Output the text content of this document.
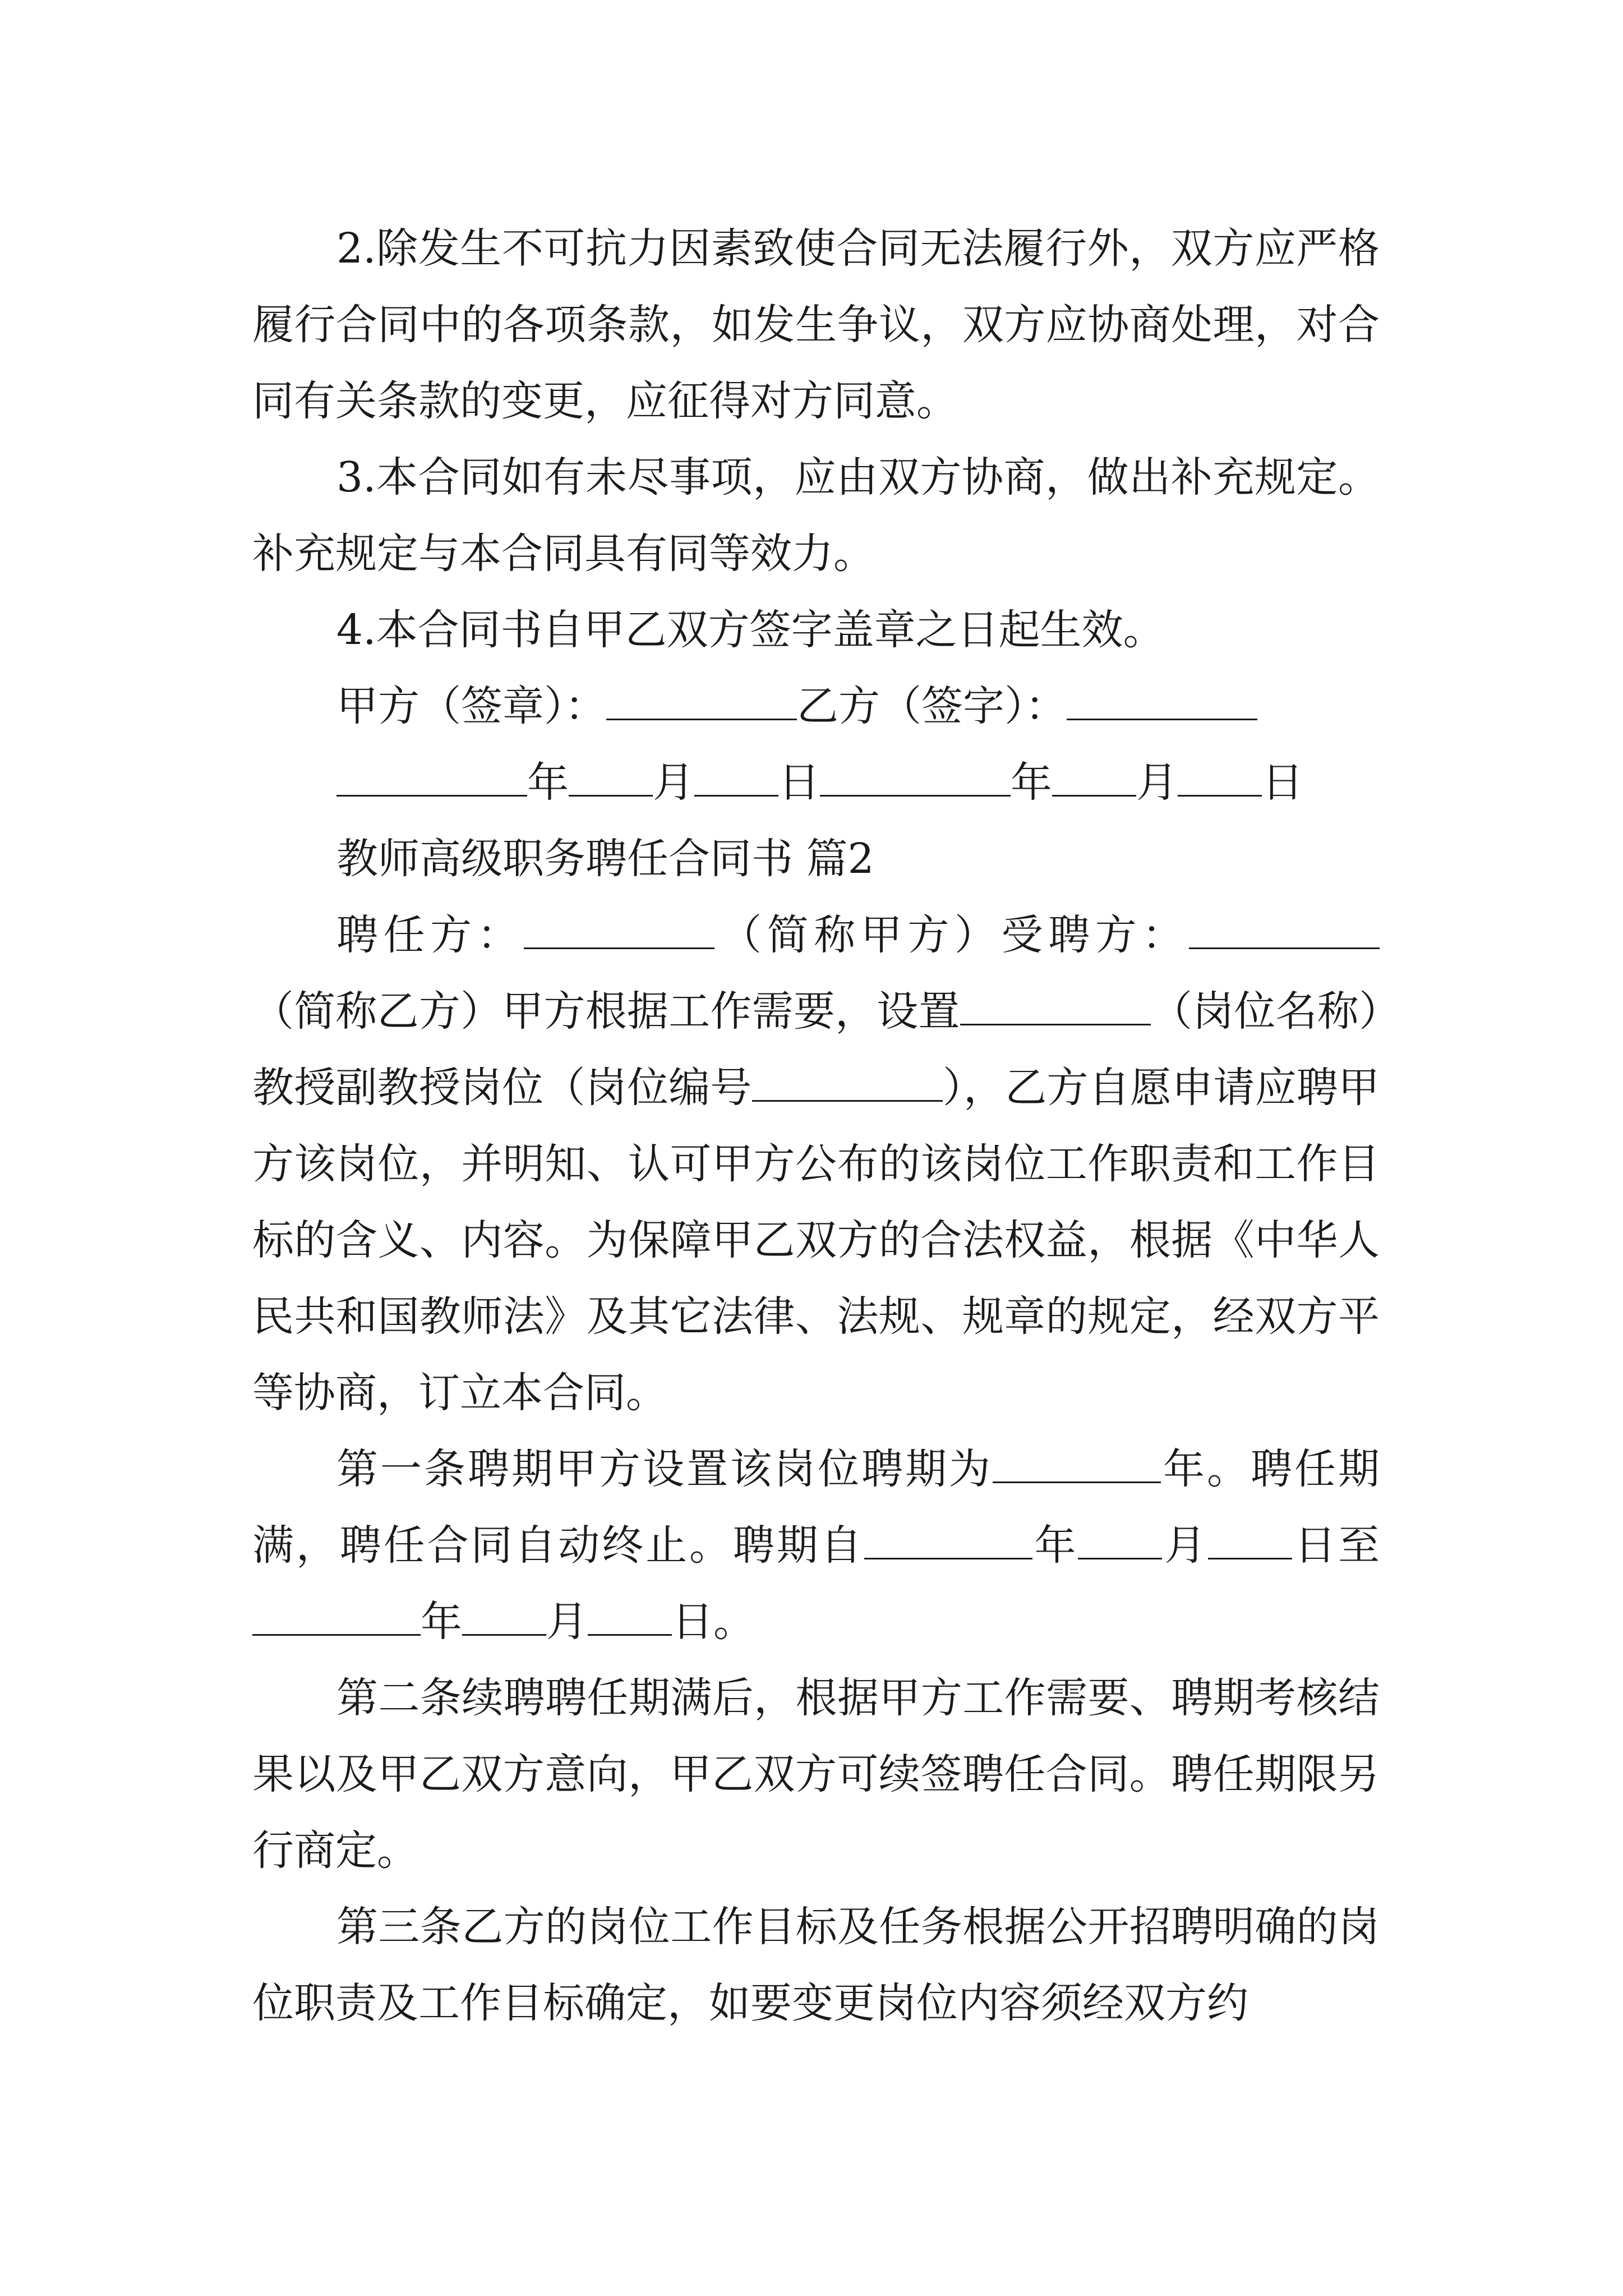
2.除发生不可抗力因素致使合同无法履行外，双方应严格履行合同中的各项条款，如发生争议，双方应协商处理，对合同有关条款的变更，应征得对方同意。

3.本合同如有未尽事项，应由双方协商，做出补充规定。补充规定与本合同具有同等效力。

4.本合同书自甲乙双方签字盖章之日起生效。

甲方（签章）：	乙方（签字）：

年 月 日	年 月 日

教师高级职务聘任合同书 篇2

聘任方：	（简称甲方）受聘方：（简称乙方）甲方根据工作需要，设置	（岗位名称）教授副教授岗位（岗位编号	），乙方自愿申请应聘甲方该岗位，并明知、认可甲方公布的该岗位工作职责和工作目标的含义、内容。为保障甲乙双方的合法权益，根据《中华人民共和国教师法》及其它法律、法规、规章的规定，经双方平等协商，订立本合同。

第一条聘期甲方设置该岗位聘期为	年。聘任期满，聘任合同自动终止。聘期自	年 月 日至年 月 日。

第二条续聘聘任期满后，根据甲方工作需要、聘期考核结果以及甲乙双方意向，甲乙双方可续签聘任合同。聘任期限另行商定。

第三条乙方的岗位工作目标及任务根据公开招聘明确的岗位职责及工作目标确定，如要变更岗位内容须经双方约
